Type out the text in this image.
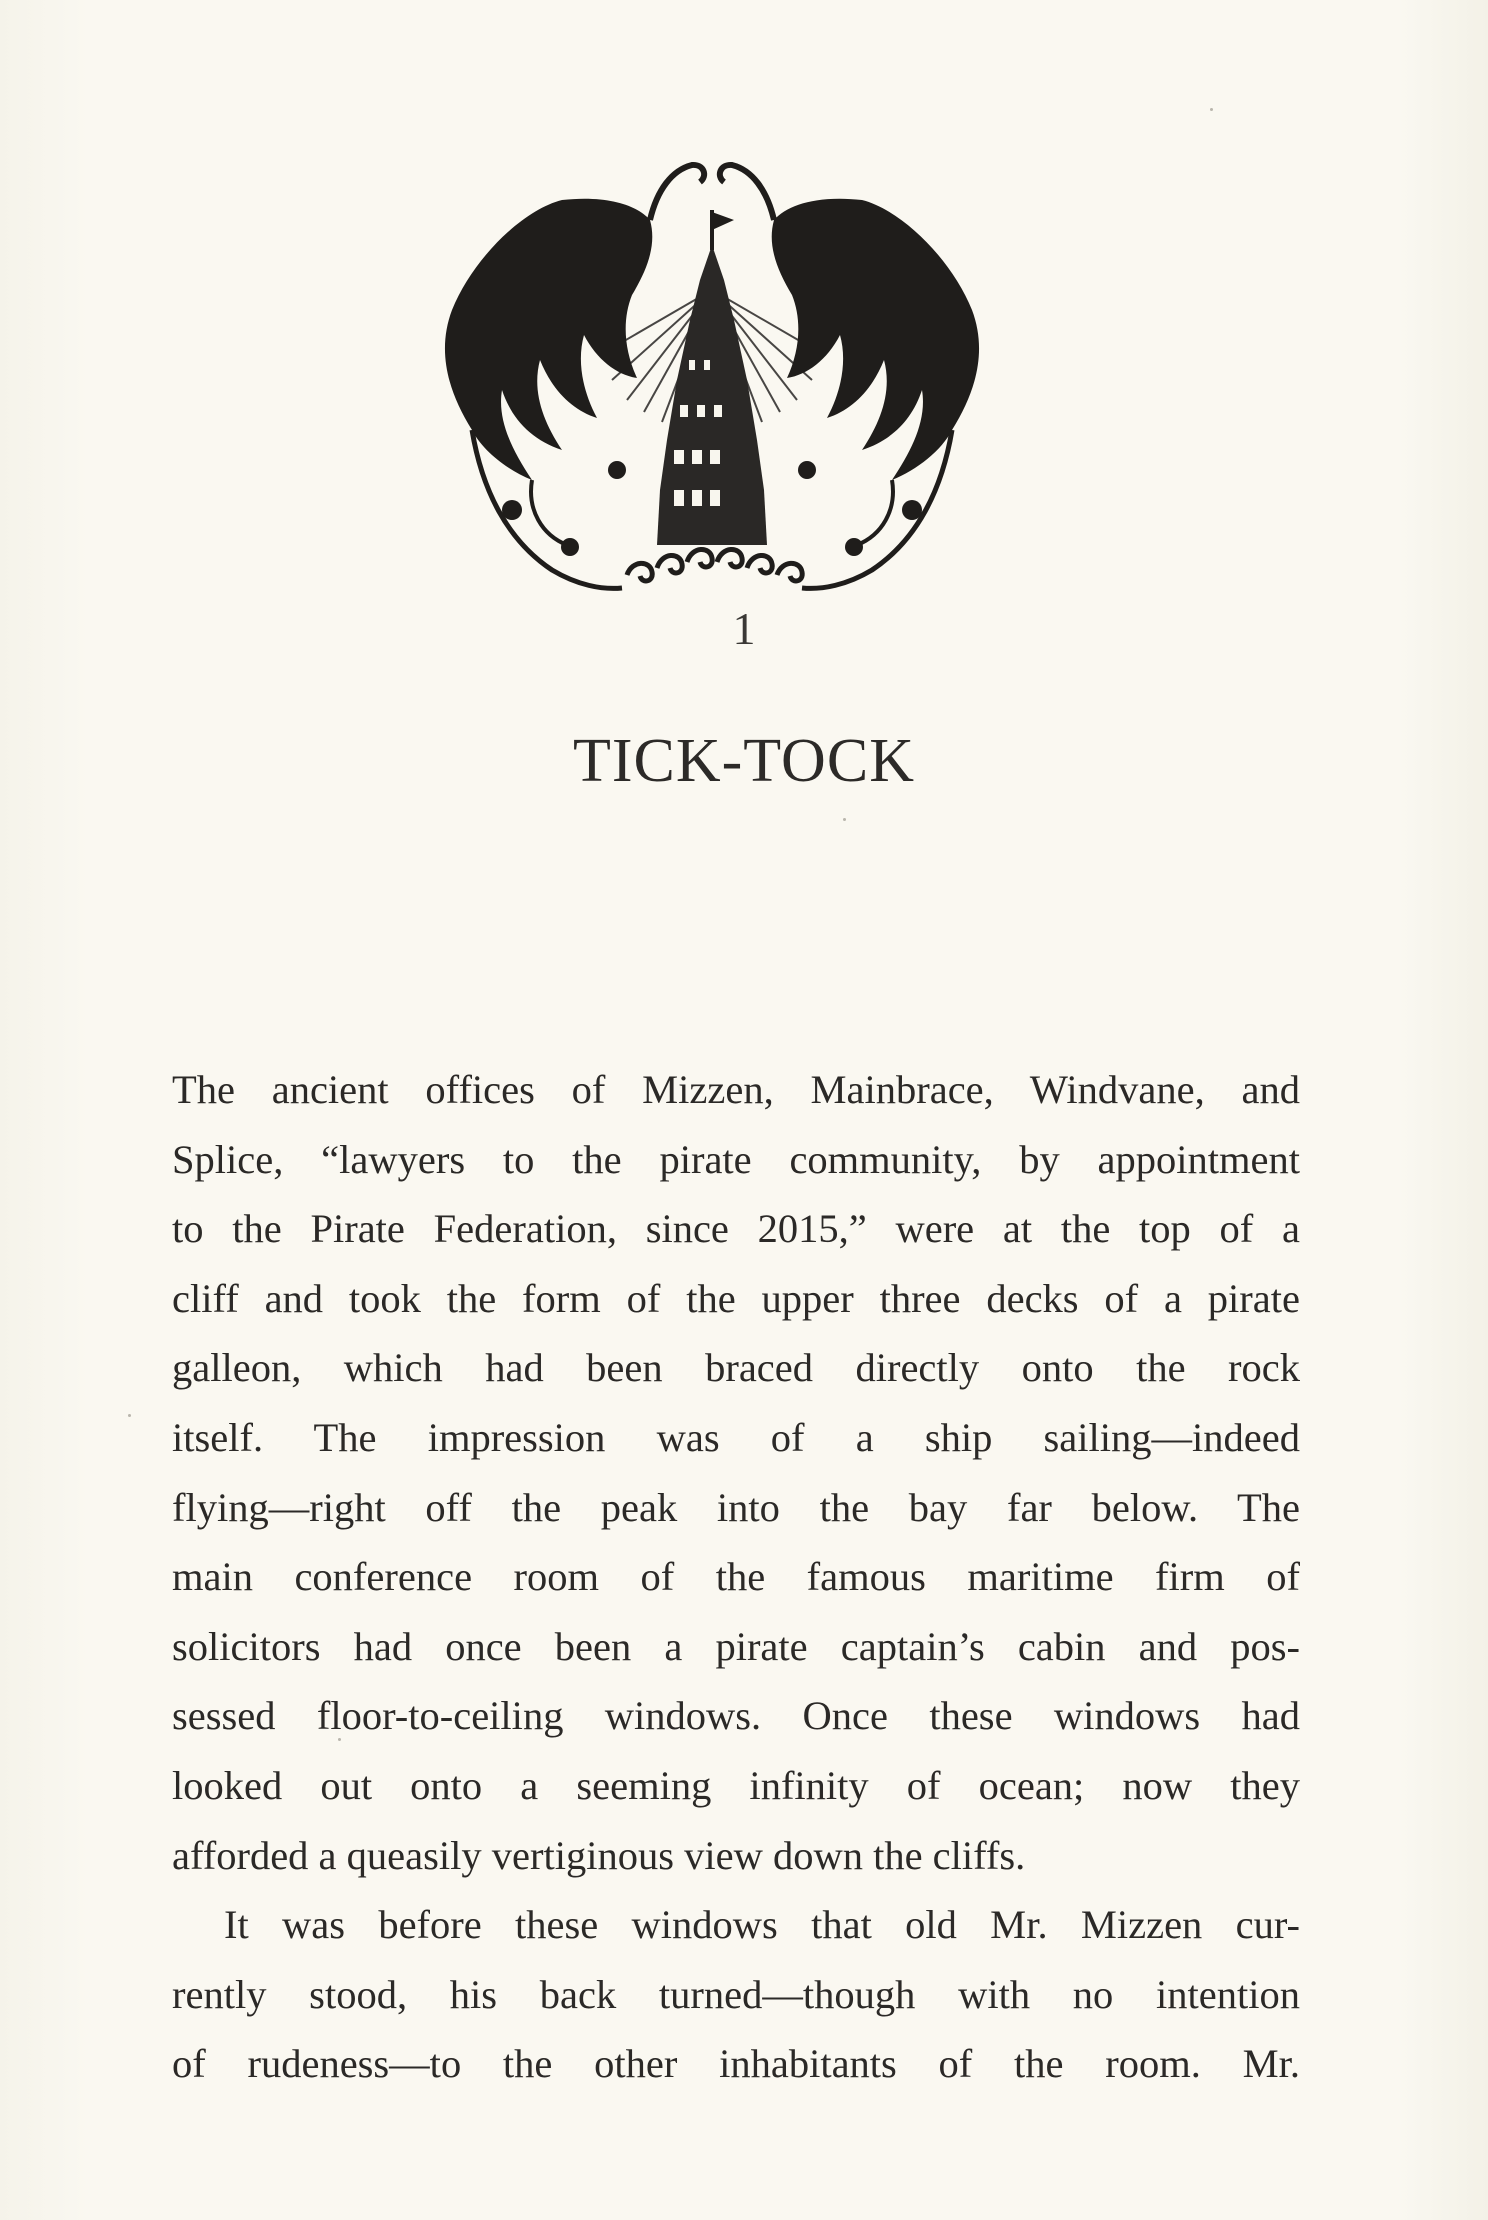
1
TICK-TOCK

The ancient offices of Mizzen, Mainbrace, Windvane, and
Splice, “lawyers to the pirate community, by appointment
to the Pirate Federation, since 2015,” were at the top of a
cliff and took the form of the upper three decks of a pirate
galleon, which had been braced directly onto the rock
itself. The impression was of a ship sailing—indeed
flying—right off the peak into the bay far below. The
main conference room of the famous maritime firm of
solicitors had once been a pirate captain’s cabin and pos-
sessed floor-to-ceiling windows. Once these windows had
looked out onto a seeming infinity of ocean; now they
afforded a queasily vertiginous view down the cliffs.

It was before these windows that old Mr. Mizzen cur-
rently stood, his back turned—though with no intention
of rudeness—to the other inhabitants of the room. Mr.
